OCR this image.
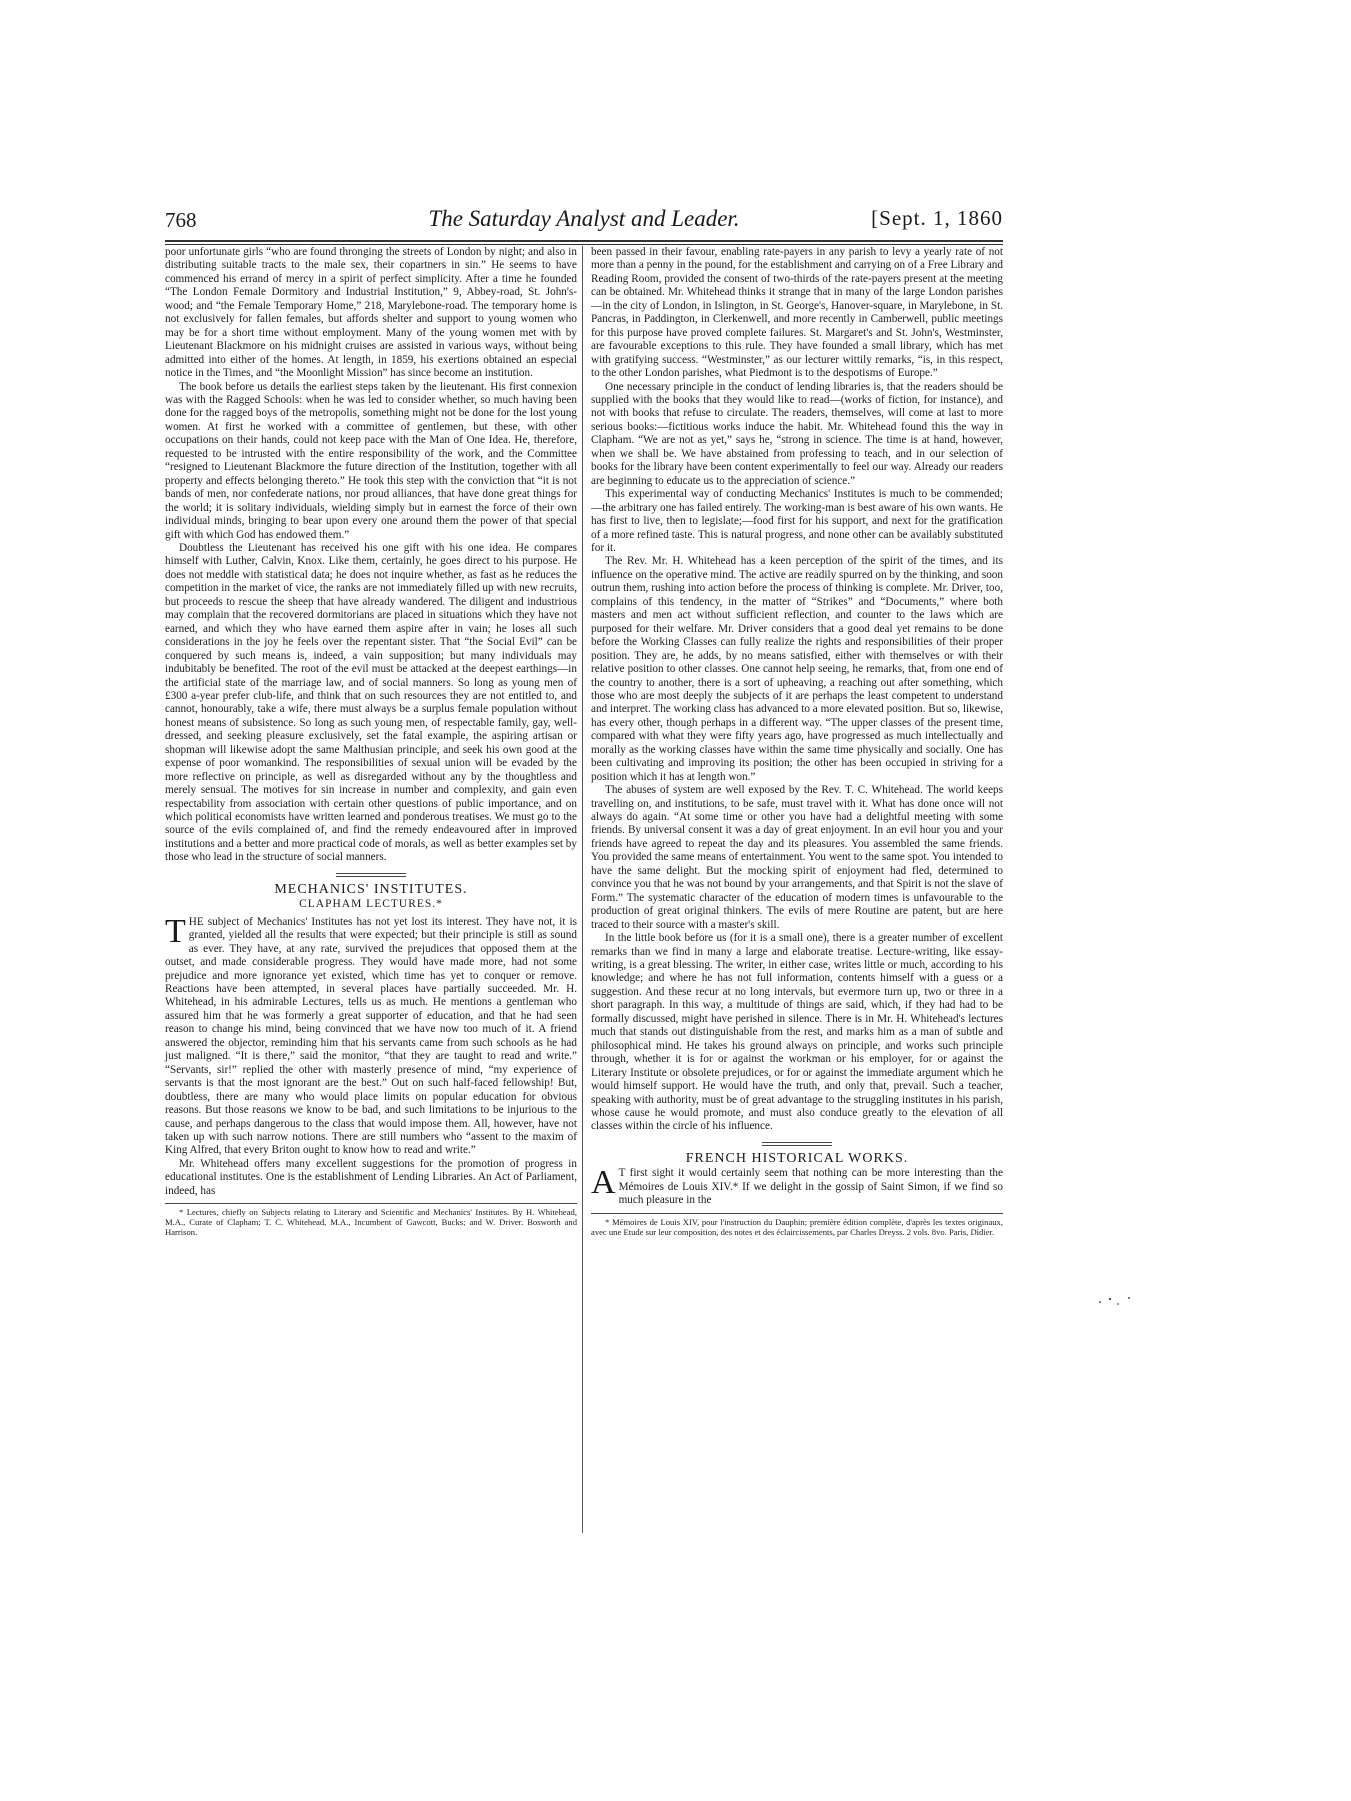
768	The Saturday Analyst and Leader.	[Sept. 1, 1860

poor unfortunate girls “who are found thronging the streets of London by night; and also in distributing suitable tracts to the male sex, their copartners in sin.” He seems to have commenced his errand of mercy in a spirit of perfect simplicity. After a time he founded “The London Female Dormitory and Industrial Institution,” 9, Abbey-road, St. John's-wood; and “the Female Temporary Home,” 218, Marylebone-road. The temporary home is not exclusively for fallen females, but affords shelter and support to young women who may be for a short time without employment. Many of the young women met with by Lieutenant Blackmore on his midnight cruises are assisted in various ways, without being admitted into either of the homes. At length, in 1859, his exertions obtained an especial notice in the Times, and “the Moonlight Mission” has since become an institution.

The book before us details the earliest steps taken by the lieutenant. His first connexion was with the Ragged Schools: when he was led to consider whether, so much having been done for the ragged boys of the metropolis, something might not be done for the lost young women. At first he worked with a committee of gentlemen, but these, with other occupations on their hands, could not keep pace with the Man of One Idea. He, therefore, requested to be intrusted with the entire responsibility of the work, and the Committee “resigned to Lieutenant Blackmore the future direction of the Institution, together with all property and effects belonging thereto.” He took this step with the conviction that “it is not bands of men, nor confederate nations, nor proud alliances, that have done great things for the world; it is solitary individuals, wielding simply but in earnest the force of their own individual minds, bringing to bear upon every one around them the power of that special gift with which God has endowed them.”

Doubtless the Lieutenant has received his one gift with his one idea. He compares himself with Luther, Calvin, Knox. Like them, certainly, he goes direct to his purpose. He does not meddle with statistical data; he does not inquire whether, as fast as he reduces the competition in the market of vice, the ranks are not immediately filled up with new recruits, but proceeds to rescue the sheep that have already wandered. The diligent and industrious may complain that the recovered dormitorians are placed in situations which they have not earned, and which they who have earned them aspire after in vain; he loses all such considerations in the joy he feels over the repentant sister. That “the Social Evil” can be conquered by such means is, indeed, a vain supposition; but many individuals may indubitably be benefited. The root of the evil must be attacked at the deepest earthings—in the artificial state of the marriage law, and of social manners. So long as young men of £300 a-year prefer club-life, and think that on such resources they are not entitled to, and cannot, honourably, take a wife, there must always be a surplus female population without honest means of subsistence. So long as such young men, of respectable family, gay, well-dressed, and seeking pleasure exclusively, set the fatal example, the aspiring artisan or shopman will likewise adopt the same Malthusian principle, and seek his own good at the expense of poor womankind. The responsibilities of sexual union will be evaded by the more reflective on principle, as well as disregarded without any by the thoughtless and merely sensual. The motives for sin increase in number and complexity, and gain even respectability from association with certain other questions of public importance, and on which political economists have written learned and ponderous treatises. We must go to the source of the evils complained of, and find the remedy endeavoured after in improved institutions and a better and more practical code of morals, as well as better examples set by those who lead in the structure of social manners.

MECHANICS' INSTITUTES.
CLAPHAM LECTURES.*

THE subject of Mechanics' Institutes has not yet lost its interest. They have not, it is granted, yielded all the results that were expected; but their principle is still as sound as ever. They have, at any rate, survived the prejudices that opposed them at the outset, and made considerable progress. They would have made more, had not some prejudice and more ignorance yet existed, which time has yet to conquer or remove. Reactions have been attempted, in several places have partially succeeded. Mr. H. Whitehead, in his admirable Lectures, tells us as much. He mentions a gentleman who assured him that he was formerly a great supporter of education, and that he had seen reason to change his mind, being convinced that we have now too much of it. A friend answered the objector, reminding him that his servants came from such schools as he had just maligned. “It is there,” said the monitor, “that they are taught to read and write.” “Servants, sir!” replied the other with masterly presence of mind, “my experience of servants is that the most ignorant are the best.” Out on such half-faced fellowship! But, doubtless, there are many who would place limits on popular education for obvious reasons. But those reasons we know to be bad, and such limitations to be injurious to the cause, and perhaps dangerous to the class that would impose them. All, however, have not taken up with such narrow notions. There are still numbers who “assent to the maxim of King Alfred, that every Briton ought to know how to read and write.”

Mr. Whitehead offers many excellent suggestions for the promotion of progress in educational institutes. One is the establishment of Lending Libraries. An Act of Parliament, indeed, has

* Lectures, chiefly on Subjects relating to Literary and Scientific and Mechanics' Institutes. By H. Whitehead, M.A., Curate of Clapham; T. C. Whitehead, M.A., Incumbent of Gawcott, Bucks; and W. Driver. Bosworth and Harrison.

been passed in their favour, enabling rate-payers in any parish to levy a yearly rate of not more than a penny in the pound, for the establishment and carrying on of a Free Library and Reading Room, provided the consent of two-thirds of the rate-payers present at the meeting can be obtained. Mr. Whitehead thinks it strange that in many of the large London parishes—in the city of London, in Islington, in St. George's, Hanover-square, in Marylebone, in St. Pancras, in Paddington, in Clerkenwell, and more recently in Camberwell, public meetings for this purpose have proved complete failures. St. Margaret's and St. John's, Westminster, are favourable exceptions to this rule. They have founded a small library, which has met with gratifying success. “Westminster,” as our lecturer wittily remarks, “is, in this respect, to the other London parishes, what Piedmont is to the despotisms of Europe.”

One necessary principle in the conduct of lending libraries is, that the readers should be supplied with the books that they would like to read—(works of fiction, for instance), and not with books that refuse to circulate. The readers, themselves, will come at last to more serious books:—fictitious works induce the habit. Mr. Whitehead found this the way in Clapham. “We are not as yet,” says he, “strong in science. The time is at hand, however, when we shall be. We have abstained from professing to teach, and in our selection of books for the library have been content experimentally to feel our way. Already our readers are beginning to educate us to the appreciation of science.”

This experimental way of conducting Mechanics' Institutes is much to be commended;—the arbitrary one has failed entirely. The working-man is best aware of his own wants. He has first to live, then to legislate;—food first for his support, and next for the gratification of a more refined taste. This is natural progress, and none other can be availably substituted for it.

The Rev. Mr. H. Whitehead has a keen perception of the spirit of the times, and its influence on the operative mind. The active are readily spurred on by the thinking, and soon outrun them, rushing into action before the process of thinking is complete. Mr. Driver, too, complains of this tendency, in the matter of “Strikes” and “Documents,” where both masters and men act without sufficient reflection, and counter to the laws which are purposed for their welfare. Mr. Driver considers that a good deal yet remains to be done before the Working Classes can fully realize the rights and responsibilities of their proper position. They are, he adds, by no means satisfied, either with themselves or with their relative position to other classes. One cannot help seeing, he remarks, that, from one end of the country to another, there is a sort of upheaving, a reaching out after something, which those who are most deeply the subjects of it are perhaps the least competent to understand and interpret. The working class has advanced to a more elevated position. But so, likewise, has every other, though perhaps in a different way. “The upper classes of the present time, compared with what they were fifty years ago, have progressed as much intellectually and morally as the working classes have within the same time physically and socially. One has been cultivating and improving its position; the other has been occupied in striving for a position which it has at length won.”

The abuses of system are well exposed by the Rev. T. C. Whitehead. The world keeps travelling on, and institutions, to be safe, must travel with it. What has done once will not always do again. “At some time or other you have had a delightful meeting with some friends. By universal consent it was a day of great enjoyment. In an evil hour you and your friends have agreed to repeat the day and its pleasures. You assembled the same friends. You provided the same means of entertainment. You went to the same spot. You intended to have the same delight. But the mocking spirit of enjoyment had fled, determined to convince you that he was not bound by your arrangements, and that Spirit is not the slave of Form.” The systematic character of the education of modern times is unfavourable to the production of great original thinkers. The evils of mere Routine are patent, but are here traced to their source with a master's skill.

In the little book before us (for it is a small one), there is a greater number of excellent remarks than we find in many a large and elaborate treatise. Lecture-writing, like essay-writing, is a great blessing. The writer, in either case, writes little or much, according to his knowledge; and where he has not full information, contents himself with a guess or a suggestion. And these recur at no long intervals, but evermore turn up, two or three in a short paragraph. In this way, a multitude of things are said, which, if they had had to be formally discussed, might have perished in silence. There is in Mr. H. Whitehead's lectures much that stands out distinguishable from the rest, and marks him as a man of subtle and philosophical mind. He takes his ground always on principle, and works such principle through, whether it is for or against the workman or his employer, for or against the Literary Institute or obsolete prejudices, or for or against the immediate argument which he would himself support. He would have the truth, and only that, prevail. Such a teacher, speaking with authority, must be of great advantage to the struggling institutes in his parish, whose cause he would promote, and must also conduce greatly to the elevation of all classes within the circle of his influence.

FRENCH HISTORICAL WORKS.

A T first sight it would certainly seem that nothing can be more interesting than the Mémoires de Louis XIV.* If we delight in the gossip of Saint Simon, if we find so much pleasure in the

* Mémoires de Louis XIV, pour l'instruction du Dauphin; première édition complète, d'après les textes originaux, avec une Etude sur leur composition, des notes et des éclaircissements, par Charles Dreyss. 2 vols. 8vo. Paris, Didier.
